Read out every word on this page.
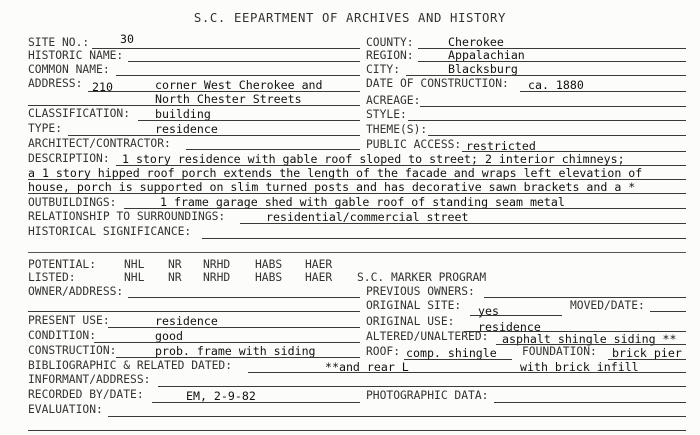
S.C. EEPARTMENT OF ARCHIVES AND HISTORY
SITE NO.:	30	COUNTY:	Cherokee
HISTORIC NAME:	REGION:	Appalachian
COMMON NAME:	CITY:	Blacksburg
ADDRESS: 210	corner West Cherokee and
North Chester Streets
DATE OF CONSTRUCTION: ca. 1880
ACREAGE:
CLASSIFICATION: building	STYLE:
TYPE:	residence	THEME(S):
ARCHITECT/CONTRACTOR:	PUBLIC ACCESS: restricted
DESCRIPTION: 1 story residence with gable roof sloped to street; 2 interior chimneys;
a 1 story hipped roof porch extends the length of the facade and wraps left elevation of
house, porch is supported on slim turned posts and has decorative sawn brackets and a *
OUTBUILDINGS:	1 frame garage shed with gable roof of standing seam metal
RELATIONSHIP TO SURROUNDINGS:	residential/commercial street
HISTORICAL SIGNIFICANCE:
POTENTIAL: NHL NR NRHD HABS HAER
LISTED:	NHL NR NRHD HABS HAER S.C. MARKER PROGRAM
OWNER/ADDRESS:	PREVIOUS OWNERS:
ORIGINAL SITE: yes	MOVED/DATE:
PRESENT USE:	residence	ORIGINAL USE: residence
CONDITION:	good	ALTERED/UNALTERED: asphalt shingle siding **
CONSTRUCTION:	prob. frame with siding	ROOF: comp. shingle FOUNDATION: brick pier
BIBLIOGRAPHIC & RELATED DATED:	**and rear L	with brick infill
INFORMANT/ADDRESS:
RECORDED BY/DATE:	EM, 2-9-82	PHOTOGRAPHIC DATA:
EVALUATION:
